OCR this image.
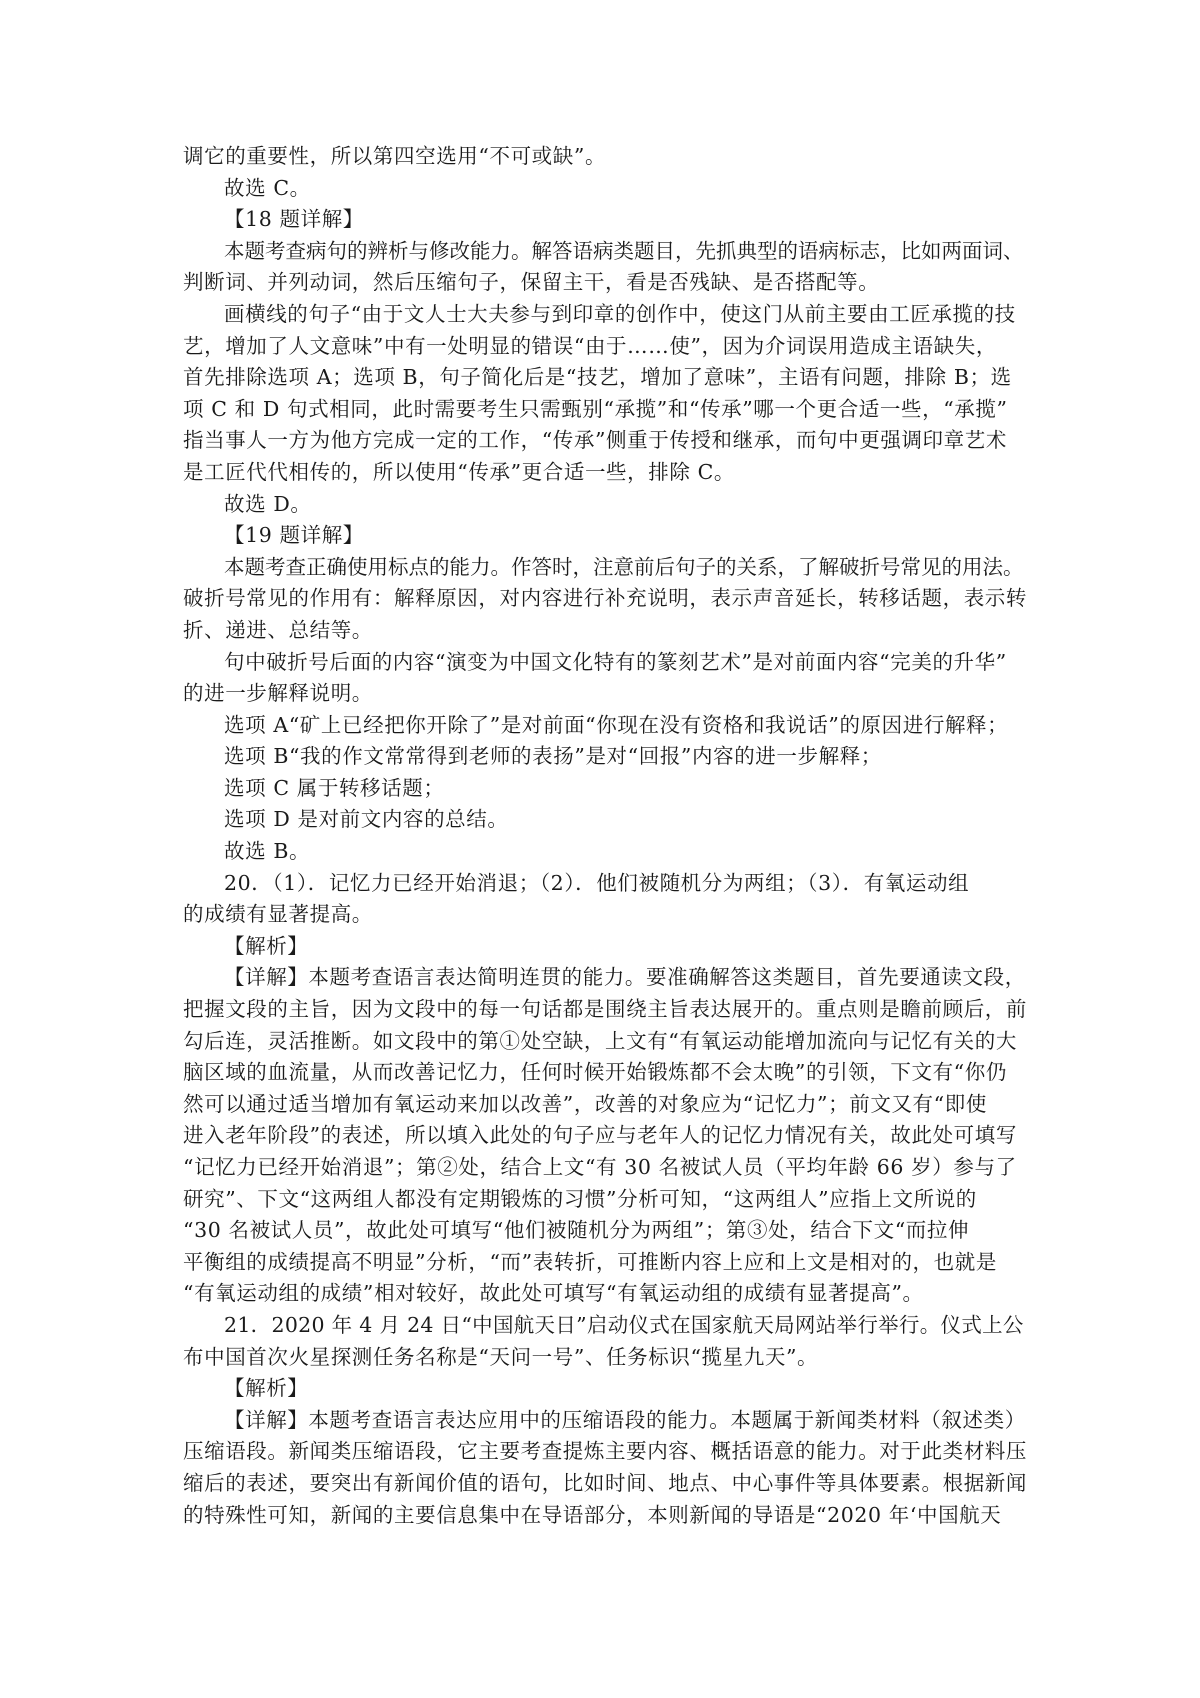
调它的重要性，所以第四空选用“不可或缺”。
故选 C。
【18 题详解】
本题考查病句的辨析与修改能力。解答语病类题目，先抓典型的语病标志，比如两面词、
判断词、并列动词，然后压缩句子，保留主干，看是否残缺、是否搭配等。
画横线的句子“由于文人士大夫参与到印章的创作中，使这门从前主要由工匠承揽的技
艺，增加了人文意味”中有一处明显的错误“由于……使”，因为介词误用造成主语缺失，
首先排除选项 A；选项 B，句子简化后是“技艺，增加了意味”，主语有问题，排除 B；选
项 C 和 D 句式相同，此时需要考生只需甄别“承揽”和“传承”哪一个更合适一些，“承揽”
指当事人一方为他方完成一定的工作，“传承”侧重于传授和继承，而句中更强调印章艺术
是工匠代代相传的，所以使用“传承”更合适一些，排除 C。
故选 D。
【19 题详解】
本题考查正确使用标点的能力。作答时，注意前后句子的关系，了解破折号常见的用法。
破折号常见的作用有：解释原因，对内容进行补充说明，表示声音延长，转移话题，表示转
折、递进、总结等。
句中破折号后面的内容“演变为中国文化特有的篆刻艺术”是对前面内容“完美的升华”
的进一步解释说明。
选项 A“矿上已经把你开除了”是对前面“你现在没有资格和我说话”的原因进行解释；
选项 B“我的作文常常得到老师的表扬”是对“回报”内容的进一步解释；
选项 C 属于转移话题；
选项 D 是对前文内容的总结。
故选 B。
20．（1）．记忆力已经开始消退；（2）．他们被随机分为两组；（3）．有氧运动组
的成绩有显著提高。
【解析】
【详解】本题考查语言表达简明连贯的能力。要准确解答这类题目，首先要通读文段，
把握文段的主旨，因为文段中的每一句话都是围绕主旨表达展开的。重点则是瞻前顾后，前
勾后连，灵活推断。如文段中的第①处空缺，上文有“有氧运动能增加流向与记忆有关的大
脑区域的血流量，从而改善记忆力，任何时候开始锻炼都不会太晚”的引领，下文有“你仍
然可以通过适当增加有氧运动来加以改善”，改善的对象应为“记忆力”；前文又有“即使
进入老年阶段”的表述，所以填入此处的句子应与老年人的记忆力情况有关，故此处可填写
“记忆力已经开始消退”；第②处，结合上文“有 30 名被试人员（平均年龄 66 岁）参与了
研究”、下文“这两组人都没有定期锻炼的习惯”分析可知，“这两组人”应指上文所说的
“30 名被试人员”，故此处可填写“他们被随机分为两组”；第③处，结合下文“而拉伸
平衡组的成绩提高不明显”分析，“而”表转折，可推断内容上应和上文是相对的，也就是
“有氧运动组的成绩”相对较好，故此处可填写“有氧运动组的成绩有显著提高”。
21．2020 年 4 月 24 日“中国航天日”启动仪式在国家航天局网站举行举行。仪式上公
布中国首次火星探测任务名称是“天问一号”、任务标识“揽星九天”。
【解析】
【详解】本题考查语言表达应用中的压缩语段的能力。本题属于新闻类材料（叙述类）
压缩语段。新闻类压缩语段，它主要考查提炼主要内容、概括语意的能力。对于此类材料压
缩后的表述，要突出有新闻价值的语句，比如时间、地点、中心事件等具体要素。根据新闻
的特殊性可知，新闻的主要信息集中在导语部分，本则新闻的导语是“2020 年‘中国航天
